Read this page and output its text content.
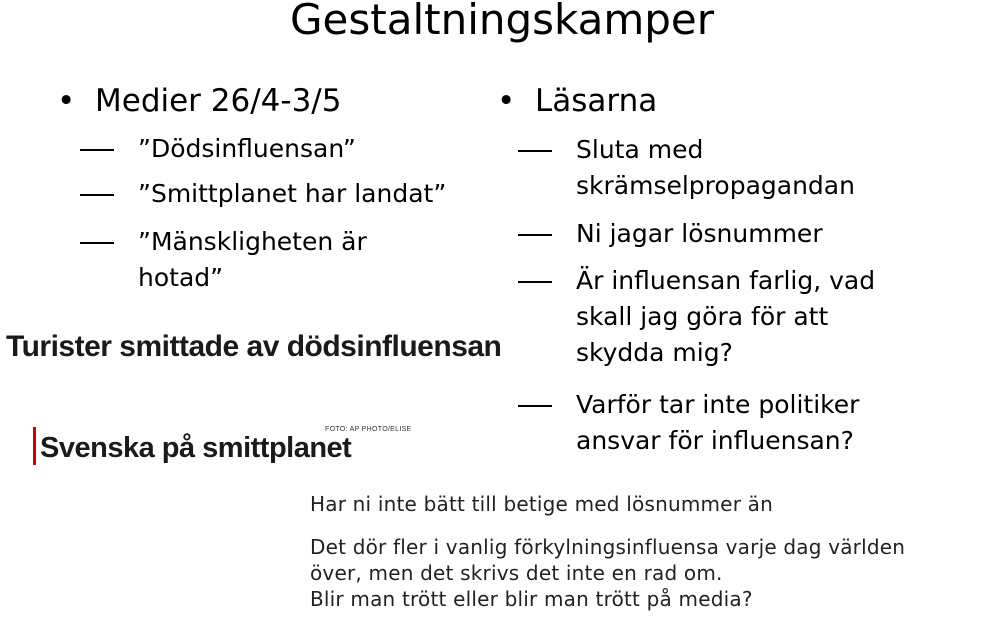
Gestaltningskamper
• Medier 26/4-3/5
”Dödsinfluensan”
”Smittplanet har landat”
”Mänskligheten är
hotad”
Turister smittade av dödsinfluensan
FOTO: AP PHOTO/ELISE
Svenska på smittplanet
• Läsarna
Sluta med
skrämselpropagandan
Ni jagar lösnummer
Är influensan farlig, vad
skall jag göra för att
skydda mig?
Varför tar inte politiker
ansvar för influensan?
Har ni inte bätt till betige med lösnummer än
Det dör fler i vanlig förkylningsinfluensa varje dag världen
över, men det skrivs det inte en rad om.
Blir man trött eller blir man trött på media?
